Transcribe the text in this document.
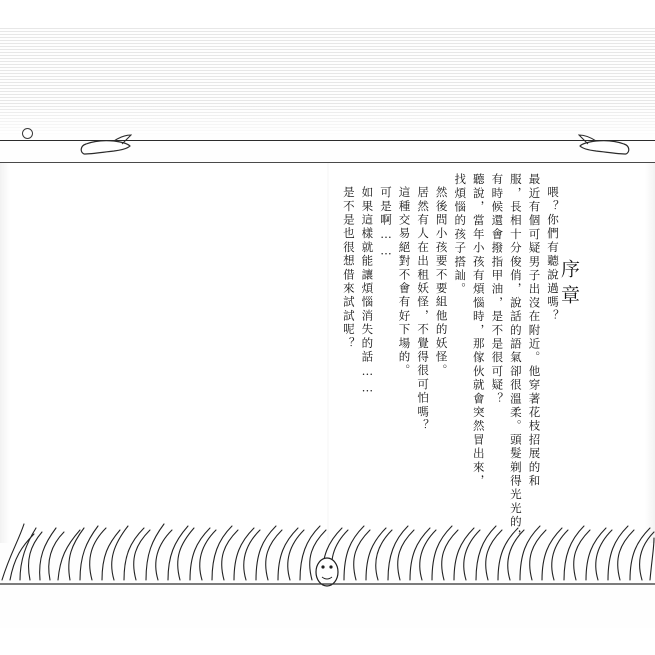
序章
喂？你們有聽說過嗎？
最近有個可疑男子出沒在附近。他穿著花枝招展的和
服，長相十分俊俏，說話的語氣卻很溫柔。頭髮剃得光光的，
有時候還會撥指甲油，是不是很可疑？
聽說，當年小孩有煩惱時，那傢伙就會突然冒出來，
找煩惱的孩子搭訕。
然後問小孩要不要組他的妖怪。
居然有人在出租妖怪，不覺得很可怕嗎？
這種交易絕對不會有好下場的。
可是啊……
如果這樣就能讓煩惱消失的話……
是不是也很想借來試試呢？
